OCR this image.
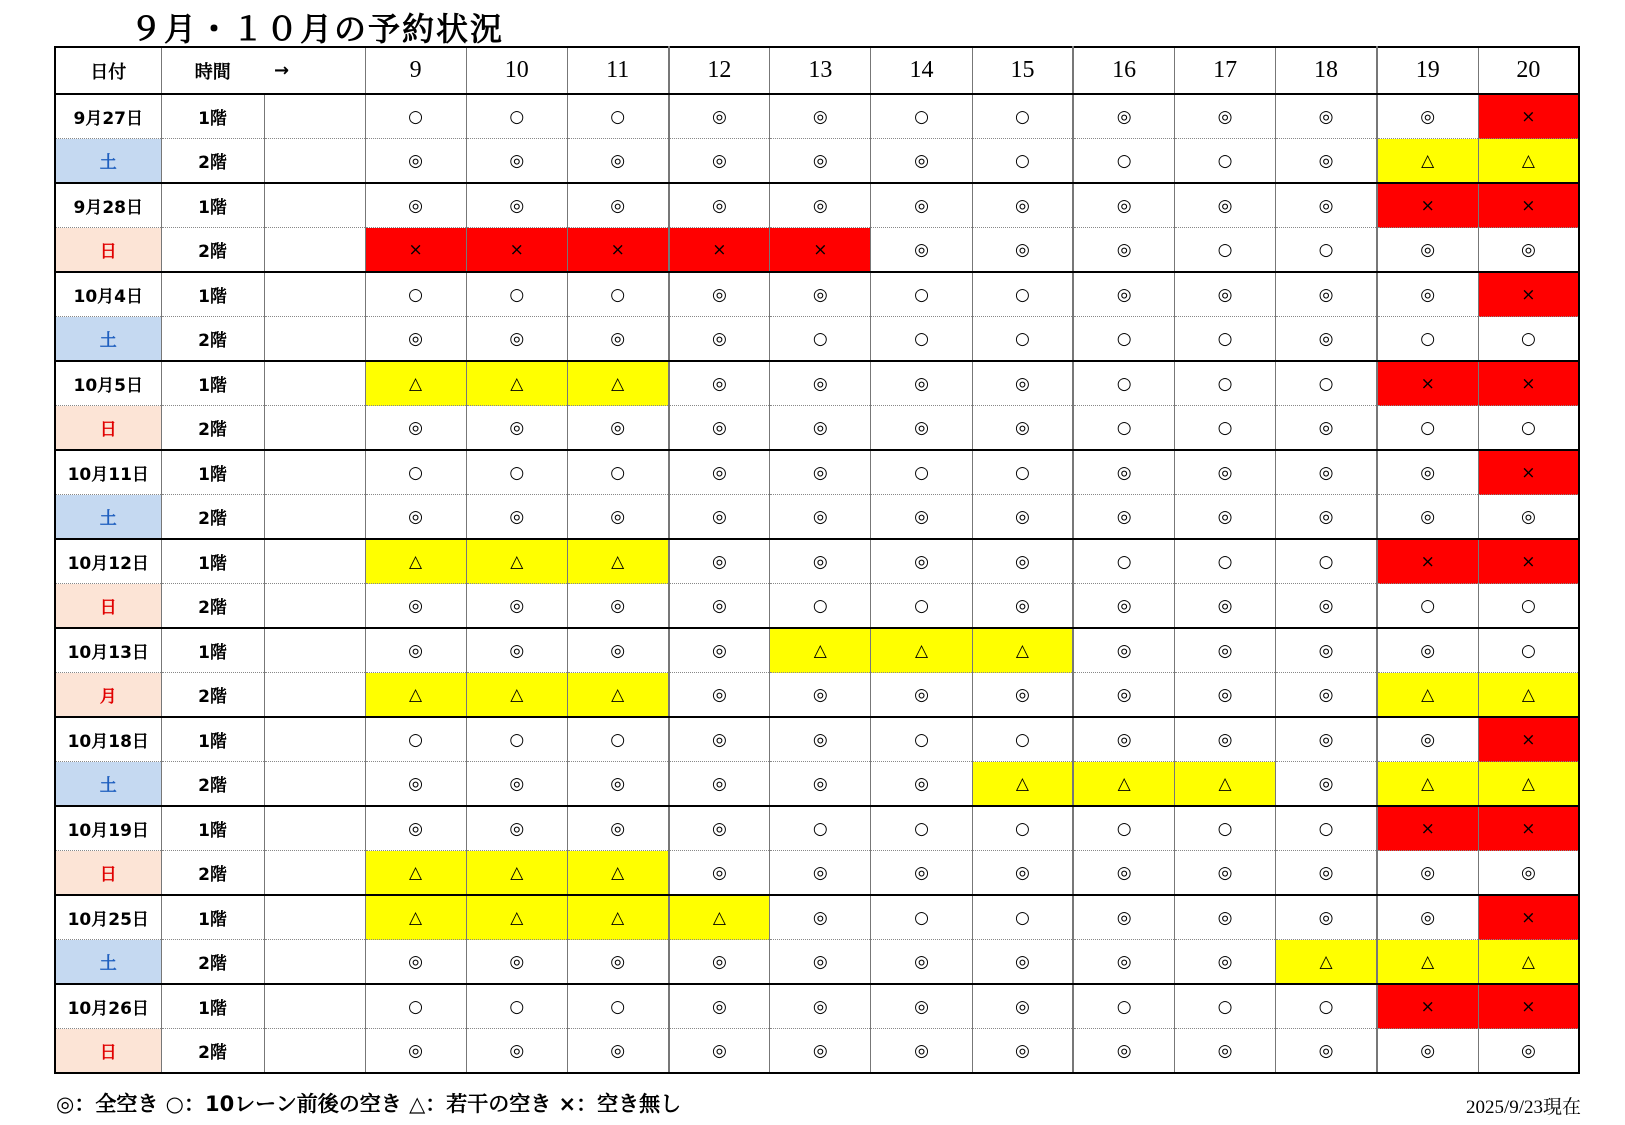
９月・１０月の予約状況
日付	時間	→	9	10	11	12	13	14	15	16	17	18	19	20
9月27日	1階		○	○	○	◎	◎	○	○	◎	◎	◎	◎	×
土	2階		◎	◎	◎	◎	◎	◎	○	○	○	◎	△	△
9月28日	1階		◎	◎	◎	◎	◎	◎	◎	◎	◎	◎	×	×
日	2階		×	×	×	×	×	◎	◎	◎	○	○	◎	◎
10月4日	1階		○	○	○	◎	◎	○	○	◎	◎	◎	◎	×
土	2階		◎	◎	◎	◎	○	○	○	○	○	◎	○	○
10月5日	1階		△	△	△	◎	◎	◎	◎	○	○	○	×	×
日	2階		◎	◎	◎	◎	◎	◎	◎	○	○	◎	○	○
10月11日	1階		○	○	○	◎	◎	○	○	◎	◎	◎	◎	×
土	2階		◎	◎	◎	◎	◎	◎	◎	◎	◎	◎	◎	◎
10月12日	1階		△	△	△	◎	◎	◎	◎	○	○	○	×	×
日	2階		◎	◎	◎	◎	○	○	◎	◎	◎	◎	○	○
10月13日	1階		◎	◎	◎	◎	△	△	△	◎	◎	◎	◎	○
月	2階		△	△	△	◎	◎	◎	◎	◎	◎	◎	△	△
10月18日	1階		○	○	○	◎	◎	○	○	◎	◎	◎	◎	×
土	2階		◎	◎	◎	◎	◎	◎	△	△	△	◎	△	△
10月19日	1階		◎	◎	◎	◎	○	○	○	○	○	○	×	×
日	2階		△	△	△	◎	◎	◎	◎	◎	◎	◎	◎	◎
10月25日	1階		△	△	△	△	◎	○	○	◎	◎	◎	◎	×
土	2階		◎	◎	◎	◎	◎	◎	◎	◎	◎	△	△	△
10月26日	1階		○	○	○	◎	◎	◎	◎	○	○	○	×	×
日	2階		◎	◎	◎	◎	◎	◎	◎	◎	◎	◎	◎	◎
◎：全空き ○：10レーン前後の空き △：若干の空き ×：空き無し	2025/9/23現在
